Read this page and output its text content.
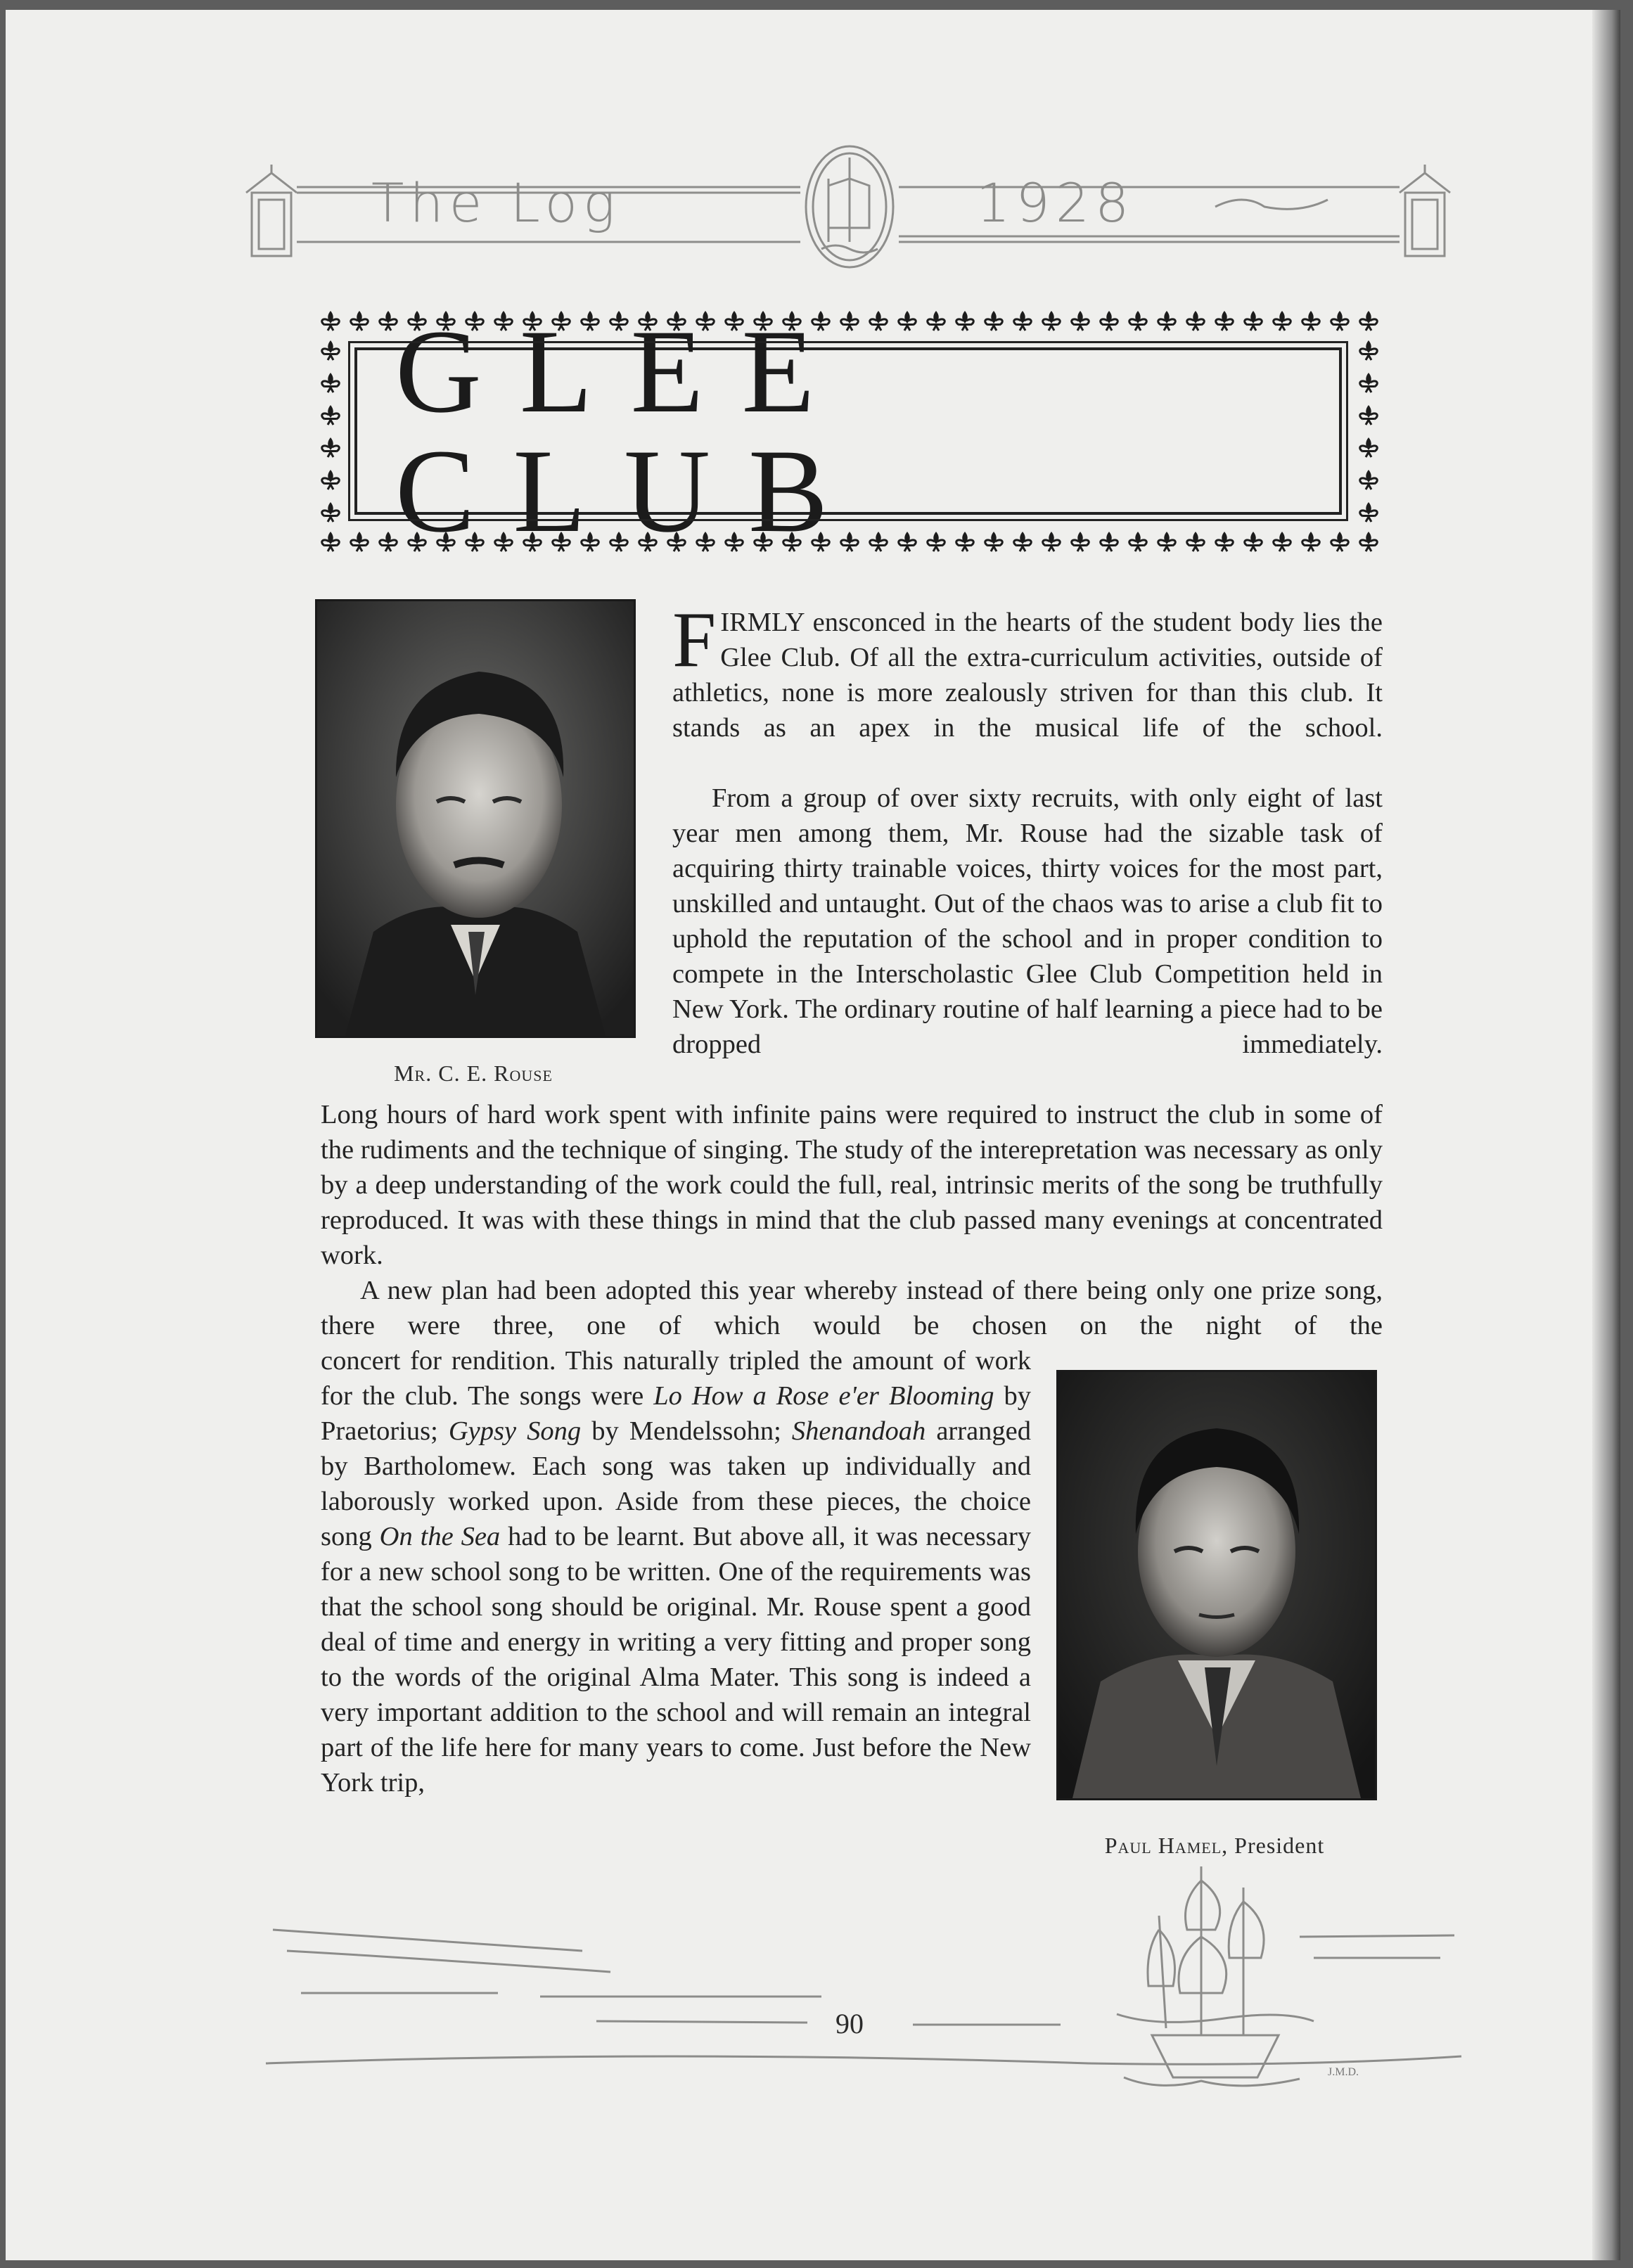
The Log	1928
GLEE CLUB
Mr. C. E. Rouse

FIRMLY ensconced in the hearts of the student body lies the Glee Club. Of all the extra-curriculum activities, outside of athletics, none is more zealously striven for than this club. It stands as an apex in the musical life of the school.

From a group of over sixty recruits, with only eight of last year men among them, Mr. Rouse had the sizable task of acquiring thirty trainable voices, thirty voices for the most part, unskilled and untaught. Out of the chaos was to arise a club fit to uphold the reputation of the school and in proper condition to compete in the Interscholastic Glee Club Competition held in New York. The ordinary routine of half learning a piece had to be dropped immediately.

Long hours of hard work spent with infinite pains were required to instruct the club in some of the rudiments and the technique of singing. The study of the interepretation was necessary as only by a deep understanding of the work could the full, real, intrinsic merits of the song be truthfully reproduced. It was with these things in mind that the club passed many evenings at concentrated work.

A new plan had been adopted this year whereby instead of there being only one prize song, there were three, one of which would be chosen on the night of the

concert for rendition. This naturally tripled the amount of work for the club. The songs were Lo How a Rose e'er Blooming by Praetorius; Gypsy Song by Mendelssohn; Shenandoah arranged by Bartholomew. Each song was taken up individually and laborously worked upon. Aside from these pieces, the choice song On the Sea had to be learnt. But above all, it was necessary for a new school song to be written. One of the requirements was that the school song should be original. Mr. Rouse spent a good deal of time and energy in writing a very fitting and proper song to the words of the original Alma Mater. This song is indeed a very important addition to the school and will remain an integral part of the life here for many years to come. Just before the New York trip,

Paul Hamel, President
90
J.M.D.
